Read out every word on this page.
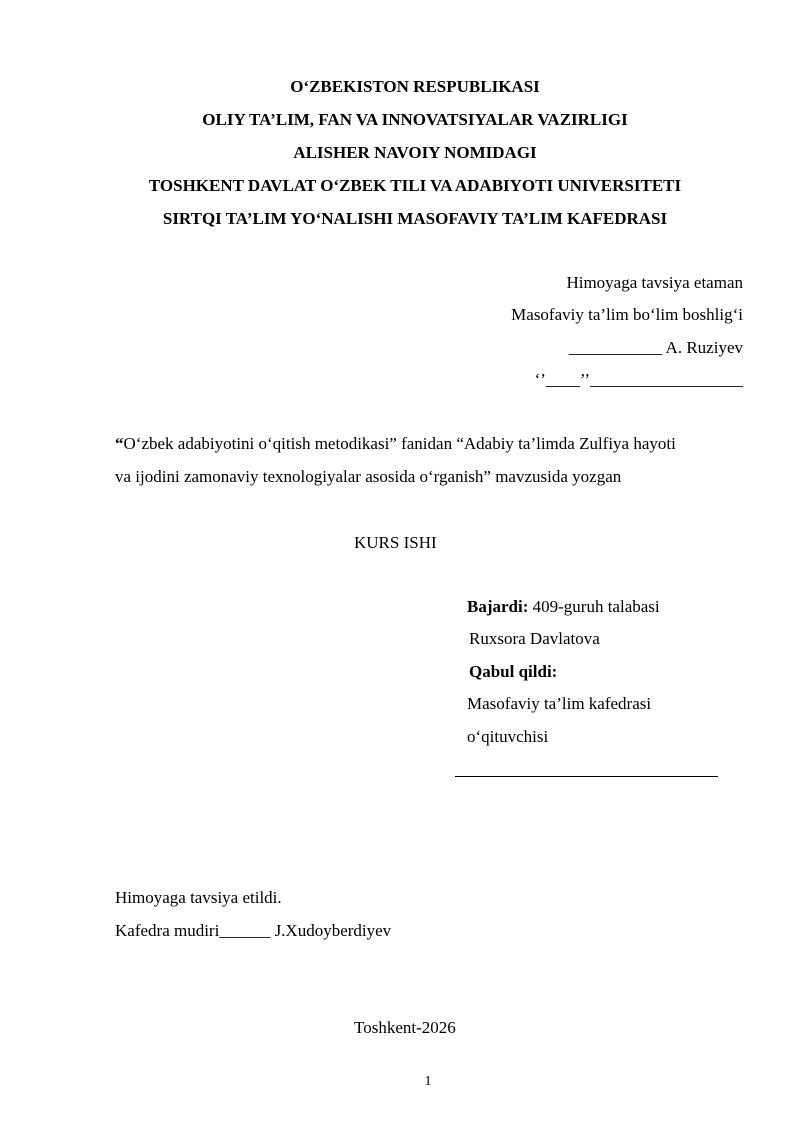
O‘ZBEKISTON RESPUBLIKASI
OLIY TA’LIM, FAN VA INNOVATSIYALAR VAZIRLIGI
ALISHER NAVOIY NOMIDAGI
TOSHKENT DAVLAT O‘ZBEK TILI VA ADABIYOTI UNIVERSITETI
SIRTQI TA’LIM YO‘NALISHI MASOFAVIY TA’LIM KAFEDRASI
Himoyaga tavsiya etaman
Masofaviy ta’lim bo‘lim boshlig‘i
___________ A. Ruziyev
‘’____’’__________________
“O‘zbek adabiyotini o‘qitish metodikasi” fanidan “Adabiy ta’limda Zulfiya hayoti
va ijodini zamonaviy texnologiyalar asosida o‘rganish” mavzusida yozgan
KURS ISHI
Bajardi: 409-guruh talabasi
Ruxsora Davlatova
Qabul qildi:
Masofaviy ta’lim kafedrasi
o‘qituvchisi
Himoyaga tavsiya etildi.
Kafedra mudiri______ J.Xudoyberdiyev
Toshkent-2026
1
